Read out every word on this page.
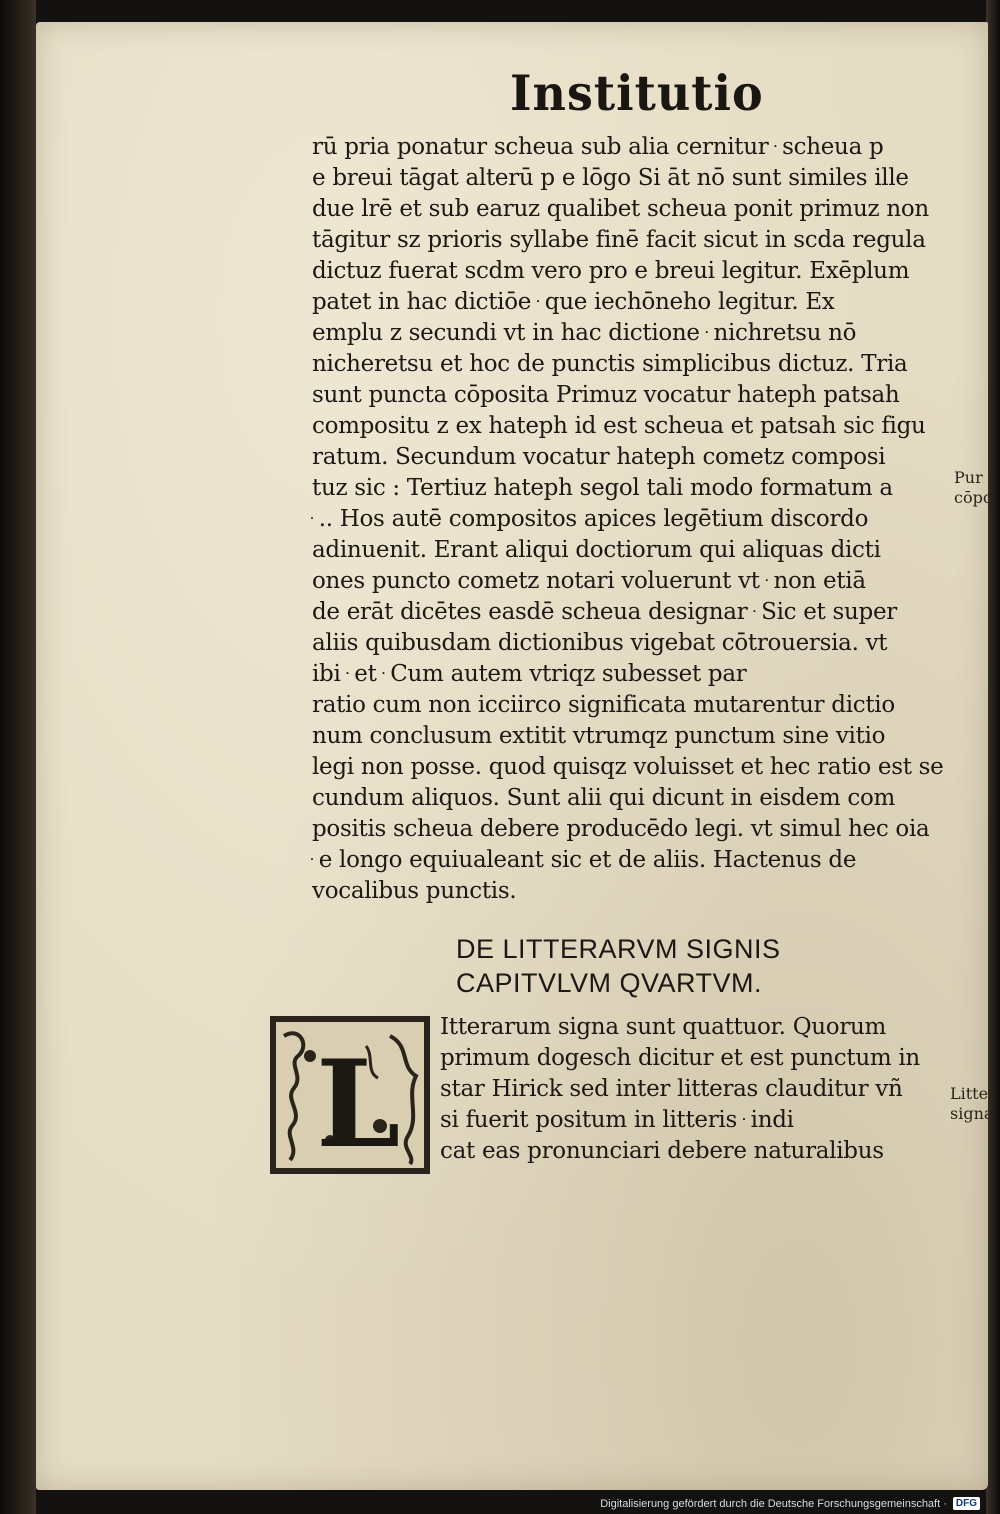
Institutio
rū pria ponatur scheua sub alia cernitur ּּּּ scheua p
e breui tāgat alterū p e lōgo Si āt nō sunt similes ille
due lrē et sub earuz qualibet scheua ponit primuz non
tāgitur sz prioris syllabe finē facit sicut in scda regula
dictuz fuerat scdm vero pro e breui legitur. Exēplum
patet in hac dictiōe ּּּּ que iechōneho legitur. Ex
emplu z secundi vt in hac dictione ּּּּ nichretsu nō
nicheretsu et hoc de punctis simplicibus dictuz. Tria
sunt puncta cōposita Primuz vocatur hateph patsah
compositu z ex hateph id est scheua et patsah sic figu
ratum. Secundum vocatur hateph cometz composi
tuz sic : Tertiuz hateph segol tali modo formatum a
ּּ .. Hos autē compositos apices legētium discordo
adinuenit. Erant aliqui doctiorum qui aliquas dicti
ones puncto cometz notari voluerunt vt ּּּ non etiā
de erāt dicētes easdē scheua designar ּּּ Sic et super
aliis quibusdam dictionibus vigebat cōtrouersia. vt
ibi ּּּּּ et ּּּּ Cum autem vtriqz subesset par
ratio cum non icciirco significata mutarentur dictio
num conclusum extitit vtrumqz punctum sine vitio
legi non posse. quod quisqz voluisset et hec ratio est se
cundum aliquos. Sunt alii qui dicunt in eisdem com
positis scheua debere producēdo legi. vt simul hec oia
ּּ e longo equiualeant sic et de aliis. Hactenus de
vocalibus punctis.
DE LITTERARVM SIGNIS
CAPITVLVM QVARTVM.
L
Itterarum signa sunt quattuor. Quorum
primum dogesch dicitur et est punctum in
star Hirick sed inter litteras clauditur vñ
si fuerit positum in litteris ּּּּּ indi
cat eas pronunciari debere naturalibus
Pur
cōpo
Litter
signa
Digitalisierung gefördert durch die Deutsche Forschungsgemeinschaft · DFG
